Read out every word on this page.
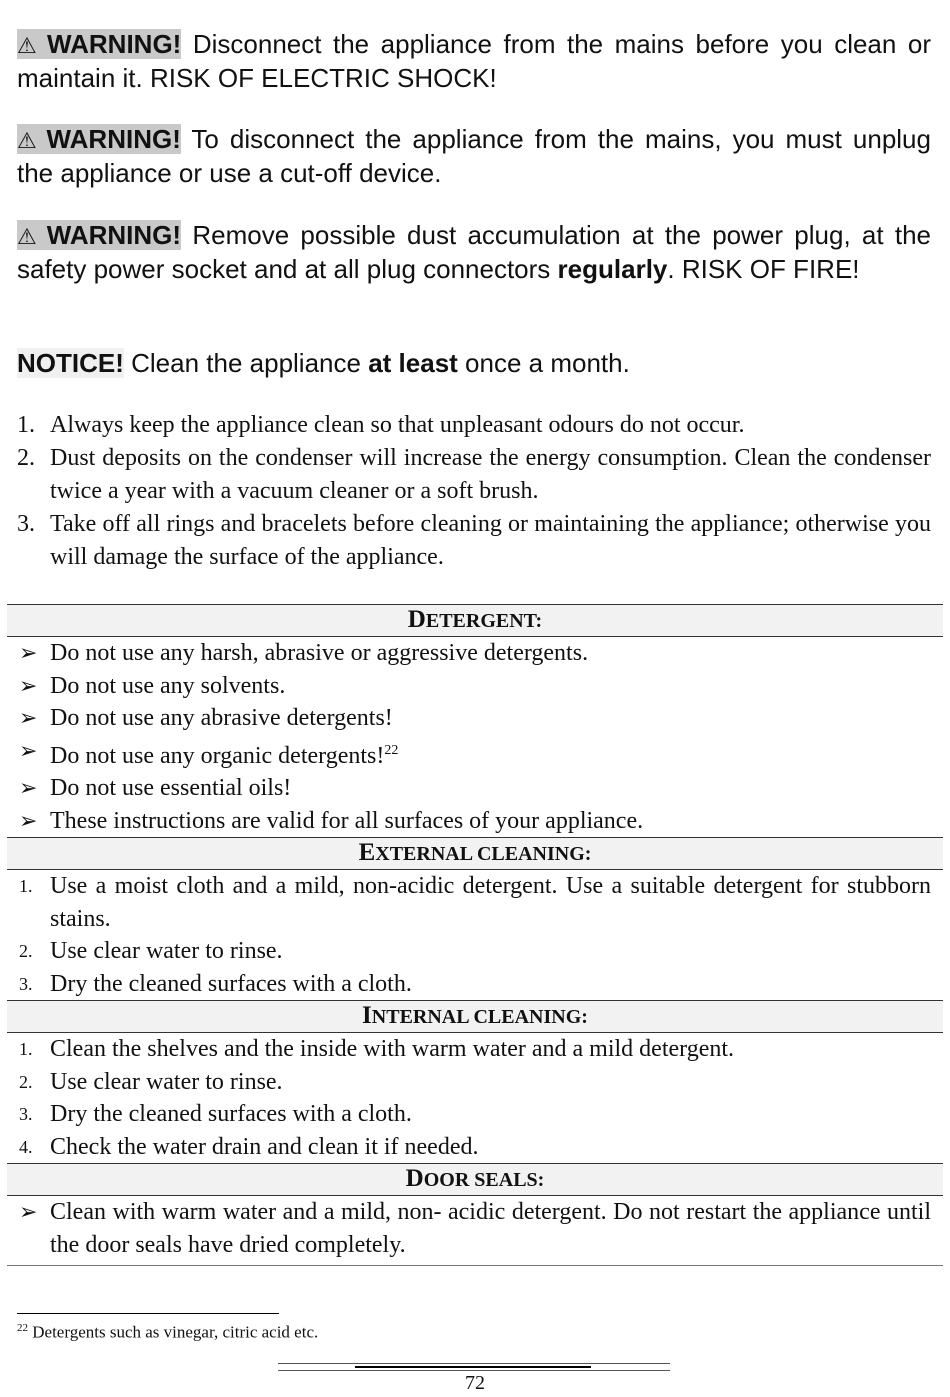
⚠ WARNING! Disconnect the appliance from the mains before you clean or maintain it. RISK OF ELECTRIC SHOCK!
⚠ WARNING! To disconnect the appliance from the mains, you must unplug the appliance or use a cut-off device.
⚠ WARNING! Remove possible dust accumulation at the power plug, at the safety power socket and at all plug connectors regularly. RISK OF FIRE!
NOTICE! Clean the appliance at least once a month.
1. Always keep the appliance clean so that unpleasant odours do not occur.
2. Dust deposits on the condenser will increase the energy consumption. Clean the condenser twice a year with a vacuum cleaner or a soft brush.
3. Take off all rings and bracelets before cleaning or maintaining the appliance; otherwise you will damage the surface of the appliance.
DETERGENT:
➢ Do not use any harsh, abrasive or aggressive detergents.
➢ Do not use any solvents.
➢ Do not use any abrasive detergents!
➢ Do not use any organic detergents!$^{22}$
➢ Do not use essential oils!
➢ These instructions are valid for all surfaces of your appliance.
EXTERNAL CLEANING:
1. Use a moist cloth and a mild, non-acidic detergent. Use a suitable detergent for stubborn stains.
2. Use clear water to rinse.
3. Dry the cleaned surfaces with a cloth.
INTERNAL CLEANING:
1. Clean the shelves and the inside with warm water and a mild detergent.
2. Use clear water to rinse.
3. Dry the cleaned surfaces with a cloth.
4. Check the water drain and clean it if needed.
DOOR SEALS:
➢ Clean with warm water and a mild, non- acidic detergent. Do not restart the appliance until the door seals have dried completely.
$^{22}$ Detergents such as vinegar, citric acid etc.
72
